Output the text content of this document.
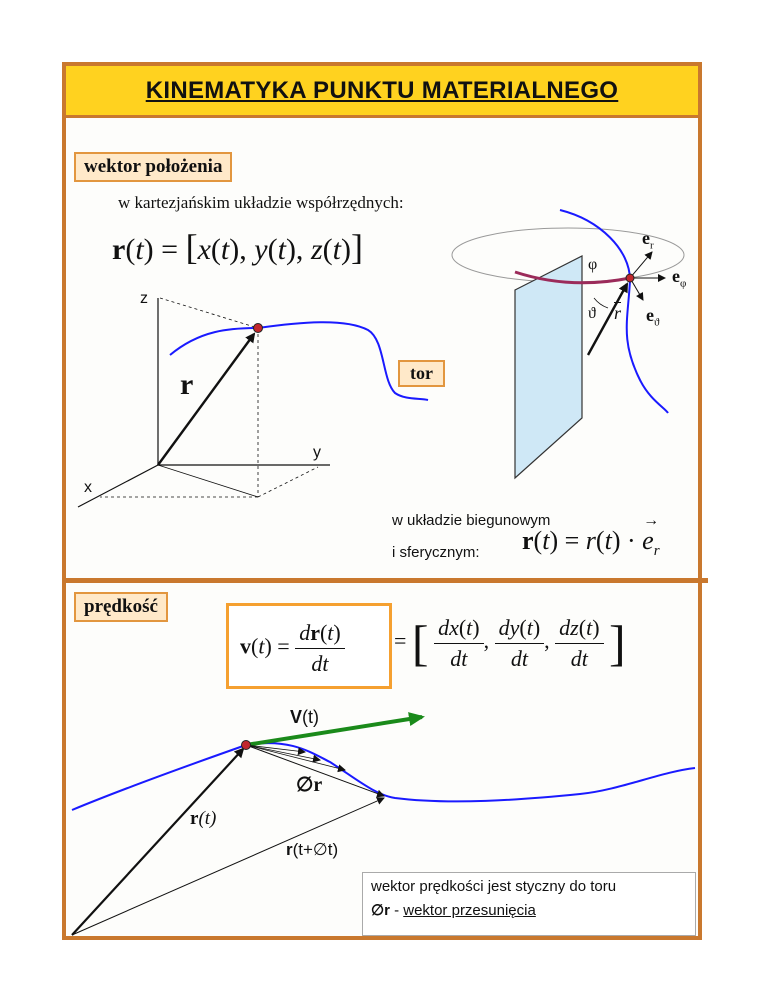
KINEMATYKA PUNKTU MATERIALNEGO
wektor położenia
w kartezjańskim układzie współrzędnych:
r(t) = [x(t), y(t), z(t)]
z
y
x
r	tor
$e_r$
$e_\varphi$
$e_ϑ$
φ
ϑ $\overline{r}$
w układzie biegunowym
i sferycznym: r(t) = r(t) · e
→
$_r$
prędkość
$v(t) = \frac{dr(t)}{dt}$ = [ $\frac{dx(t)}{dt}$ , $\frac{dy(t)}{dt}$ , $\frac{dz(t)}{dt}$ ]
V(t)
∅r
r(t)
r(t+∅t)
wektor prędkości jest styczny do toru
∅r - wektor przesunięcia
